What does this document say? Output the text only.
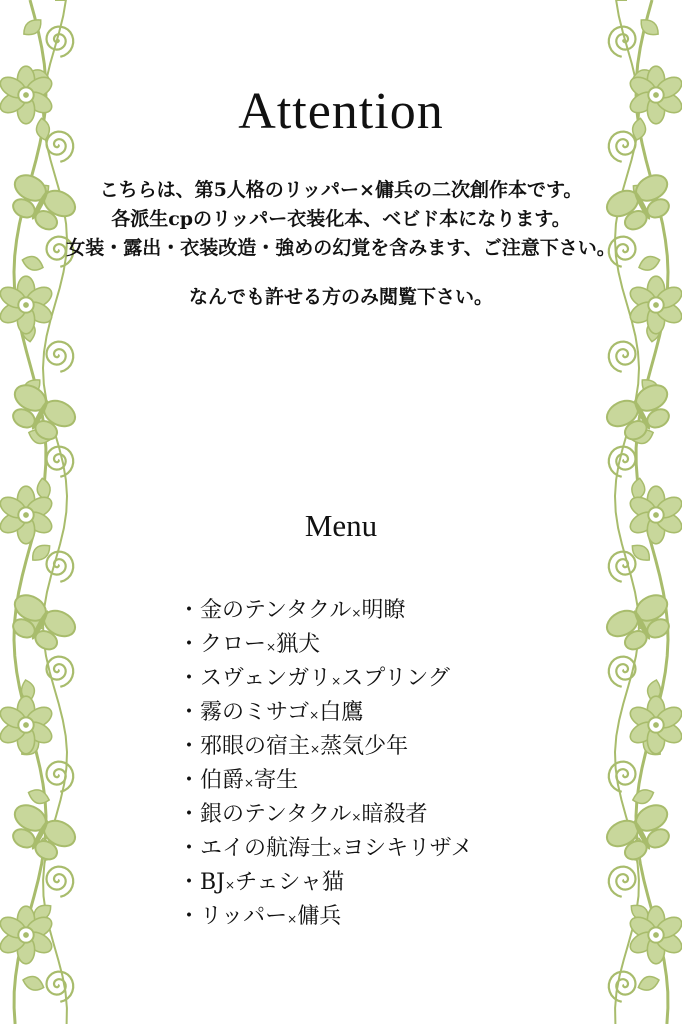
Attention
こちらは、第5人格のリッパー×傭兵の二次創作本です。
各派生cpのリッパー衣装化本、ベビド本になります。
女装・露出・衣装改造・強めの幻覚を含みます、ご注意下さい。
なんでも許せる方のみ閲覧下さい。
Menu
・金のテンタクル×明瞭
・クロー×猟犬
・スヴェンガリ×スプリング
・霧のミサゴ×白鷹
・邪眼の宿主×蒸気少年
・伯爵×寄生
・銀のテンタクル×暗殺者
・エイの航海士×ヨシキリザメ
・BJ×チェシャ猫
・リッパー×傭兵
